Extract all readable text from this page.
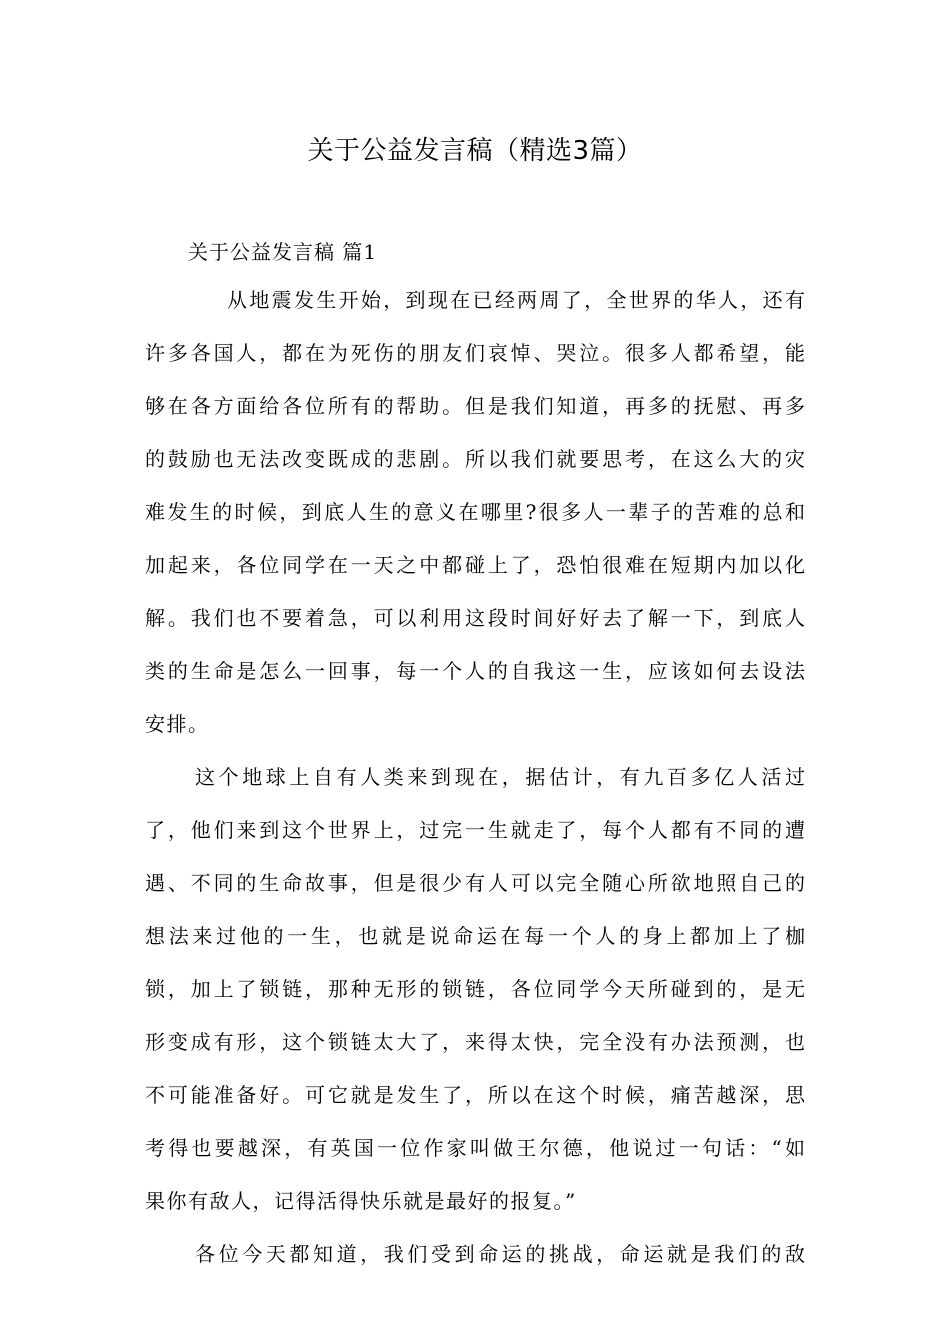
关于公益发言稿（精选3篇）
关于公益发言稿 篇1
从地震发生开始，到现在已经两周了，全世界的华人，还有
许多各国人，都在为死伤的朋友们哀悼、哭泣。很多人都希望，能
够在各方面给各位所有的帮助。但是我们知道，再多的抚慰、再多
的鼓励也无法改变既成的悲剧。所以我们就要思考，在这么大的灾
难发生的时候，到底人生的意义在哪里?很多人一辈子的苦难的总和
加起来，各位同学在一天之中都碰上了，恐怕很难在短期内加以化
解。我们也不要着急，可以利用这段时间好好去了解一下，到底人
类的生命是怎么一回事，每一个人的自我这一生，应该如何去设法
安排。
这个地球上自有人类来到现在，据估计，有九百多亿人活过
了，他们来到这个世界上，过完一生就走了，每个人都有不同的遭
遇、不同的生命故事，但是很少有人可以完全随心所欲地照自己的
想法来过他的一生，也就是说命运在每一个人的身上都加上了枷
锁，加上了锁链，那种无形的锁链，各位同学今天所碰到的，是无
形变成有形，这个锁链太大了，来得太快，完全没有办法预测，也
不可能准备好。可它就是发生了，所以在这个时候，痛苦越深，思
考得也要越深，有英国一位作家叫做王尔德，他说过一句话：“如
果你有敌人，记得活得快乐就是最好的报复。”
各位今天都知道，我们受到命运的挑战，命运就是我们的敌
